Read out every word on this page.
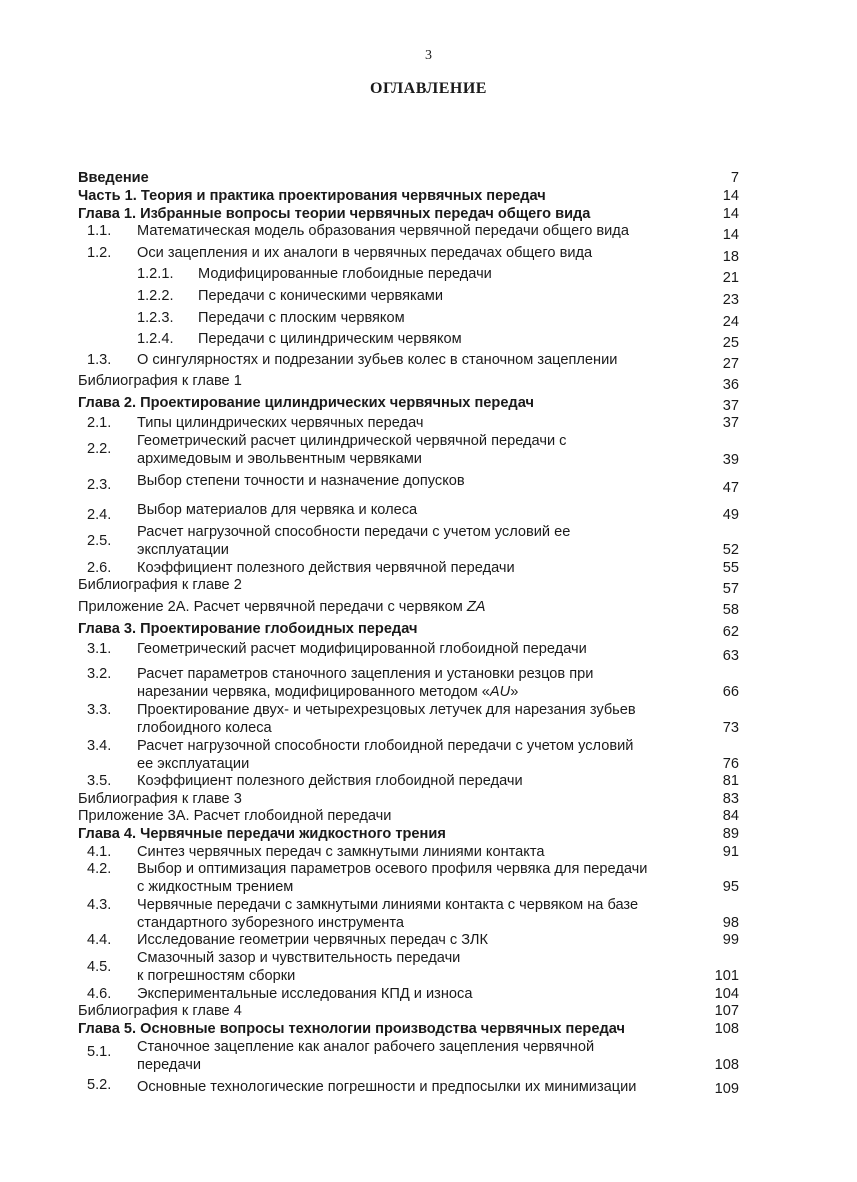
3
ОГЛАВЛЕНИЕ
Введение	7
Часть 1. Теория и практика проектирования червячных передач	14
Глава 1. Избранные вопросы теории червячных передач общего вида	14
1.1. Математическая модель образования червячной передачи общего вида	14
1.2. Оси зацепления и их аналоги в червячных передачах общего вида	18
1.2.1. Модифицированные глобоидные передачи	21
1.2.2. Передачи с коническими червяками	23
1.2.3. Передачи с плоским червяком	24
1.2.4. Передачи с цилиндрическим червяком	25
1.3. О сингулярностях и подрезании зубьев колес в станочном зацеплении	27
Библиография к главе 1	36
Глава 2. Проектирование цилиндрических червячных передач	37
2.1. Типы цилиндрических червячных передач	37
2.2. Геометрический расчет цилиндрической червячной передачи с
архимедовым и эвольвентным червяками	39
2.3. Выбор степени точности и назначение допусков	47
2.4. Выбор материалов для червяка и колеса	49
2.5.
Расчет нагрузочной способности передачи с учетом условий ее
эксплуатации	52
2.6. Коэффициент полезного действия червячной передачи	55
Библиография к главе 2	57
Приложение 2А. Расчет червячной передачи с червяком ZA	58
Глава 3. Проектирование глобоидных передач	62
3.1. Геометрический расчет модифицированной глобоидной передачи	63
3.2. Расчет параметров станочного зацепления и установки резцов при
нарезании червяка, модифицированного методом «AU»	66
3.3. Проектирование двух- и четырехрезцовых летучек для нарезания зубьев
глобоидного колеса	73
3.4. Расчет нагрузочной способности глобоидной передачи с учетом условий
ее эксплуатации	76
3.5. Коэффициент полезного действия глобоидной передачи	81
Библиография к главе 3	83
Приложение 3А. Расчет глобоидной передачи	84
Глава 4. Червячные передачи жидкостного трения	89
4.1. Синтез червячных передач с замкнутыми линиями контакта	91
4.2. Выбор и оптимизация параметров осевого профиля червяка для передачи
с жидкостным трением	95
4.3. Червячные передачи с замкнутыми линиями контакта с червяком на базе
стандартного зуборезного инструмента	98
4.4. Исследование геометрии червячных передач с ЗЛК	99
4.5.
Смазочный зазор и чувствительность передачи
к погрешностям сборки	101
4.6. Экспериментальные исследования КПД и износа	104
Библиография к главе 4	107
Глава 5. Основные вопросы технологии производства червячных передач	108
5.1. Станочное зацепление как аналог рабочего зацепления червячной
передачи	108
5.2. Основные технологические погрешности и предпосылки их минимизации	109
